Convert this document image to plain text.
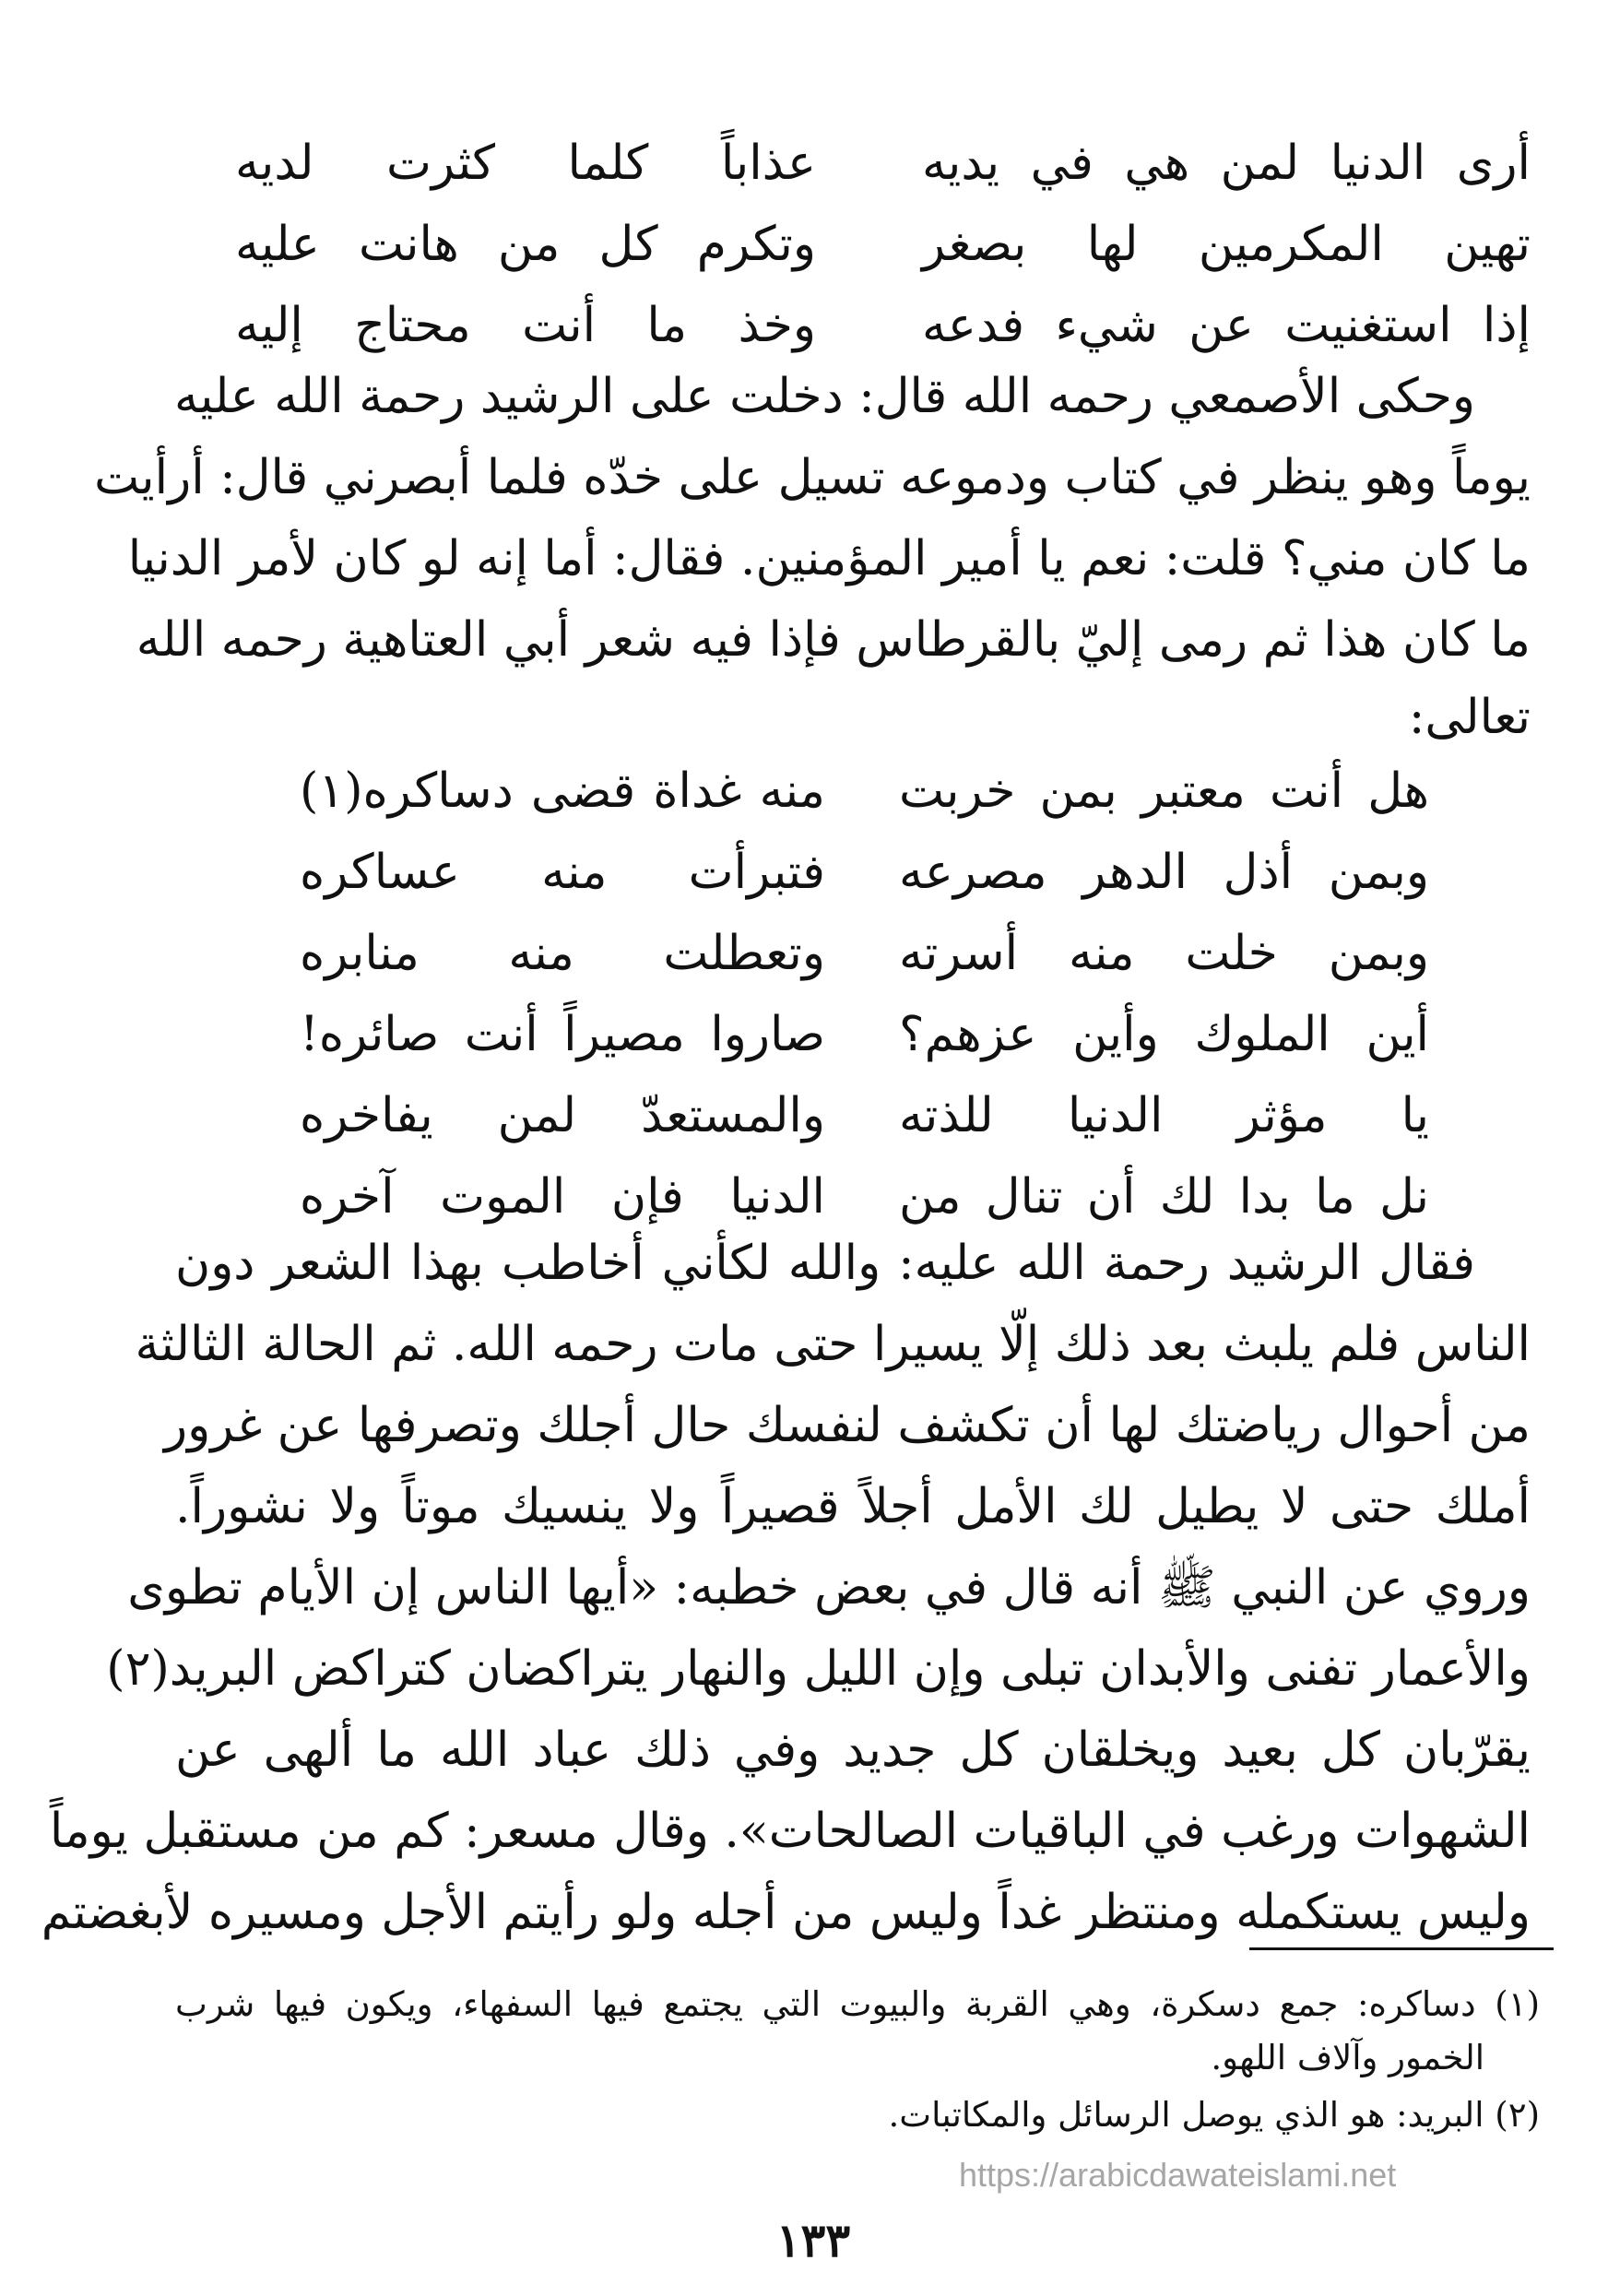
أرى الدنيا لمن هي في يديه
عذاباً كلما كثرت لديه
تهين المكرمين لها بصغر
وتكرم كل من هانت عليه
إذا استغنيت عن شيء فدعه
وخذ ما أنت محتاج إليه
وحكى الأصمعي رحمه الله قال: دخلت على الرشيد رحمة الله عليه
يوماً وهو ينظر في كتاب ودموعه تسيل على خدّه فلما أبصرني قال: أرأيت
ما كان مني؟ قلت: نعم يا أمير المؤمنين. فقال: أما إنه لو كان لأمر الدنيا
ما كان هذا ثم رمى إليّ بالقرطاس فإذا فيه شعر أبي العتاهية رحمه الله
تعالى:
هل أنت معتبر بمن خربت
منه غداة قضى دساكره(١)
وبمن أذل الدهر مصرعه
فتبرأت منه عساكره
وبمن خلت منه أسرته
وتعطلت منه منابره
أين الملوك وأين عزهم؟
صاروا مصيراً أنت صائره!
يا مؤثر الدنيا للذته
والمستعدّ لمن يفاخره
نل ما بدا لك أن تنال من
الدنيا فإن الموت آخره
فقال الرشيد رحمة الله عليه: والله لكأني أخاطب بهذا الشعر دون
الناس فلم يلبث بعد ذلك إلّا يسيرا حتى مات رحمه الله. ثم الحالة الثالثة
من أحوال رياضتك لها أن تكشف لنفسك حال أجلك وتصرفها عن غرور
أملك حتى لا يطيل لك الأمل أجلاً قصيراً ولا ينسيك موتاً ولا نشوراً.
وروي عن النبي ﷺ أنه قال في بعض خطبه: «أيها الناس إن الأيام تطوى
والأعمار تفنى والأبدان تبلى وإن الليل والنهار يتراكضان كتراكض البريد(٢)
يقرّبان كل بعيد ويخلقان كل جديد وفي ذلك عباد الله ما ألهى عن
الشهوات ورغب في الباقيات الصالحات». وقال مسعر: كم من مستقبل يوماً
وليس يستكمله ومنتظر غداً وليس من أجله ولو رأيتم الأجل ومسيره لأبغضتم
(١) دساكره: جمع دسكرة، وهي القربة والبيوت التي يجتمع فيها السفهاء، ويكون فيها شرب
الخمور وآلاف اللهو.
(٢) البريد: هو الذي يوصل الرسائل والمكاتبات.
https://arabicdawateislami.net
١٣٣
